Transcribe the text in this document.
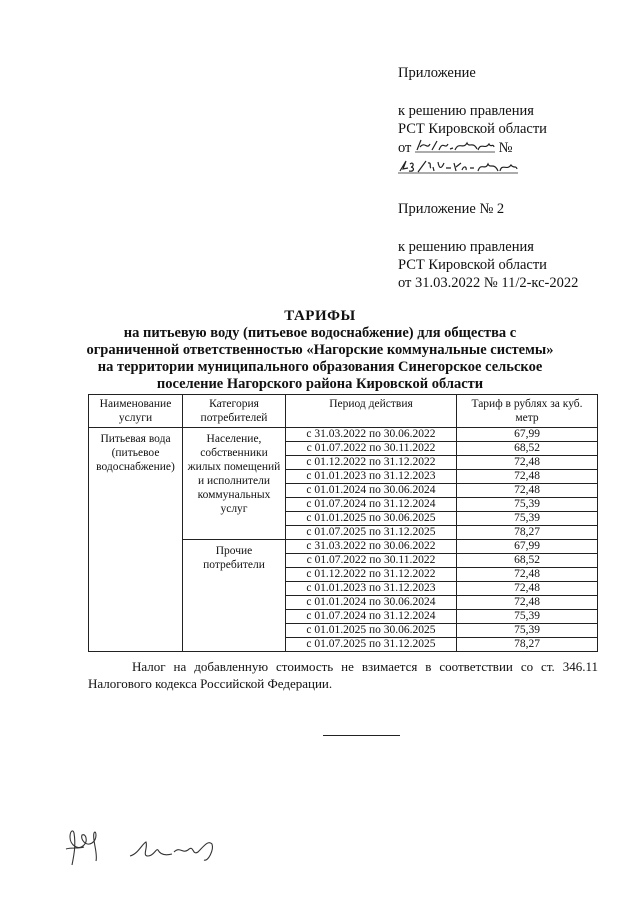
Приложение

к решению правления

РСТ Кировской области

от	№

Приложение № 2

к решению правления

РСТ Кировской области

от 31.03.2022 № 11/2-кс-2022

ТАРИФЫ
на питьевую воду (питьевое водоснабжение) для общества с
ограниченной ответственностью «Нагорские коммунальные системы»
на территории муниципального образования Синегорское сельское
поселение Нагорского района Кировской области
Наименование услуги	Категория потребителей	Период действия	Тариф в рублях за куб. метр
Питьевая вода (питьевое водоснабжение)	Население, собственники жилых помещений и исполнители коммунальных услуг	с 31.03.2022 по 30.06.2022	67,99
		с 01.07.2022 по 30.11.2022	68,52
		с 01.12.2022 по 31.12.2022	72,48
		с 01.01.2023 по 31.12.2023	72,48
		с 01.01.2024 по 30.06.2024	72,48
		с 01.07.2024 по 31.12.2024	75,39
		с 01.01.2025 по 30.06.2025	75,39
		с 01.07.2025 по 31.12.2025	78,27
	Прочие потребители	с 31.03.2022 по 30.06.2022	67,99
		с 01.07.2022 по 30.11.2022	68,52
		с 01.12.2022 по 31.12.2022	72,48
		с 01.01.2023 по 31.12.2023	72,48
		с 01.01.2024 по 30.06.2024	72,48
		с 01.07.2024 по 31.12.2024	75,39
		с 01.01.2025 по 30.06.2025	75,39
		с 01.07.2025 по 31.12.2025	78,27
Налог на добавленную стоимость не взимается в соответствии со ст. 346.11 Налогового кодекса Российской Федерации.
